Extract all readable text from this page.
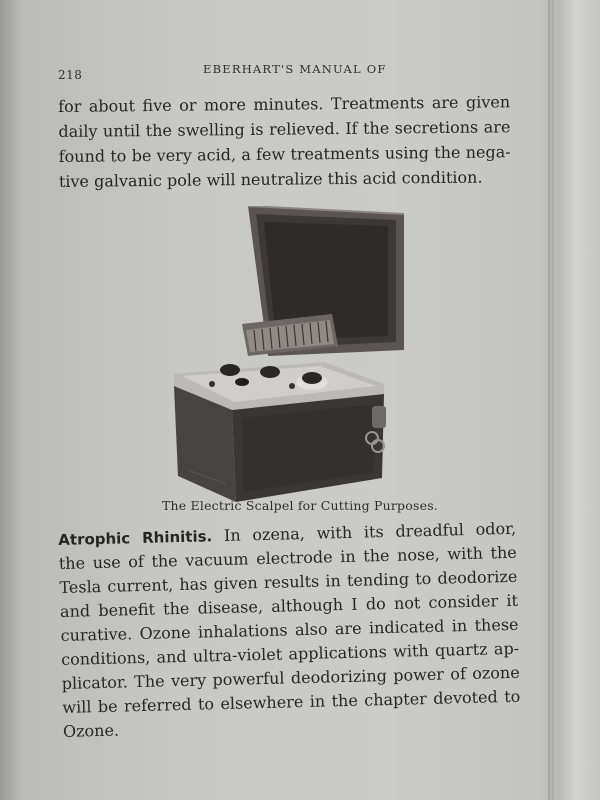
218	EBERHART'S MANUAL OF
for about five or more minutes. Treatments are given
daily until the swelling is relieved. If the secretions are
found to be very acid, a few treatments using the nega-
tive galvanic pole will neutralize this acid condition.
The Electric Scalpel for Cutting Purposes.
Atrophic Rhinitis. In ozena, with its dreadful odor,
the use of the vacuum electrode in the nose, with the
Tesla current, has given results in tending to deodorize
and benefit the disease, although I do not consider it
curative. Ozone inhalations also are indicated in these
conditions, and ultra-violet applications with quartz ap-
plicator. The very powerful deodorizing power of ozone
will be referred to elsewhere in the chapter devoted to
Ozone.
